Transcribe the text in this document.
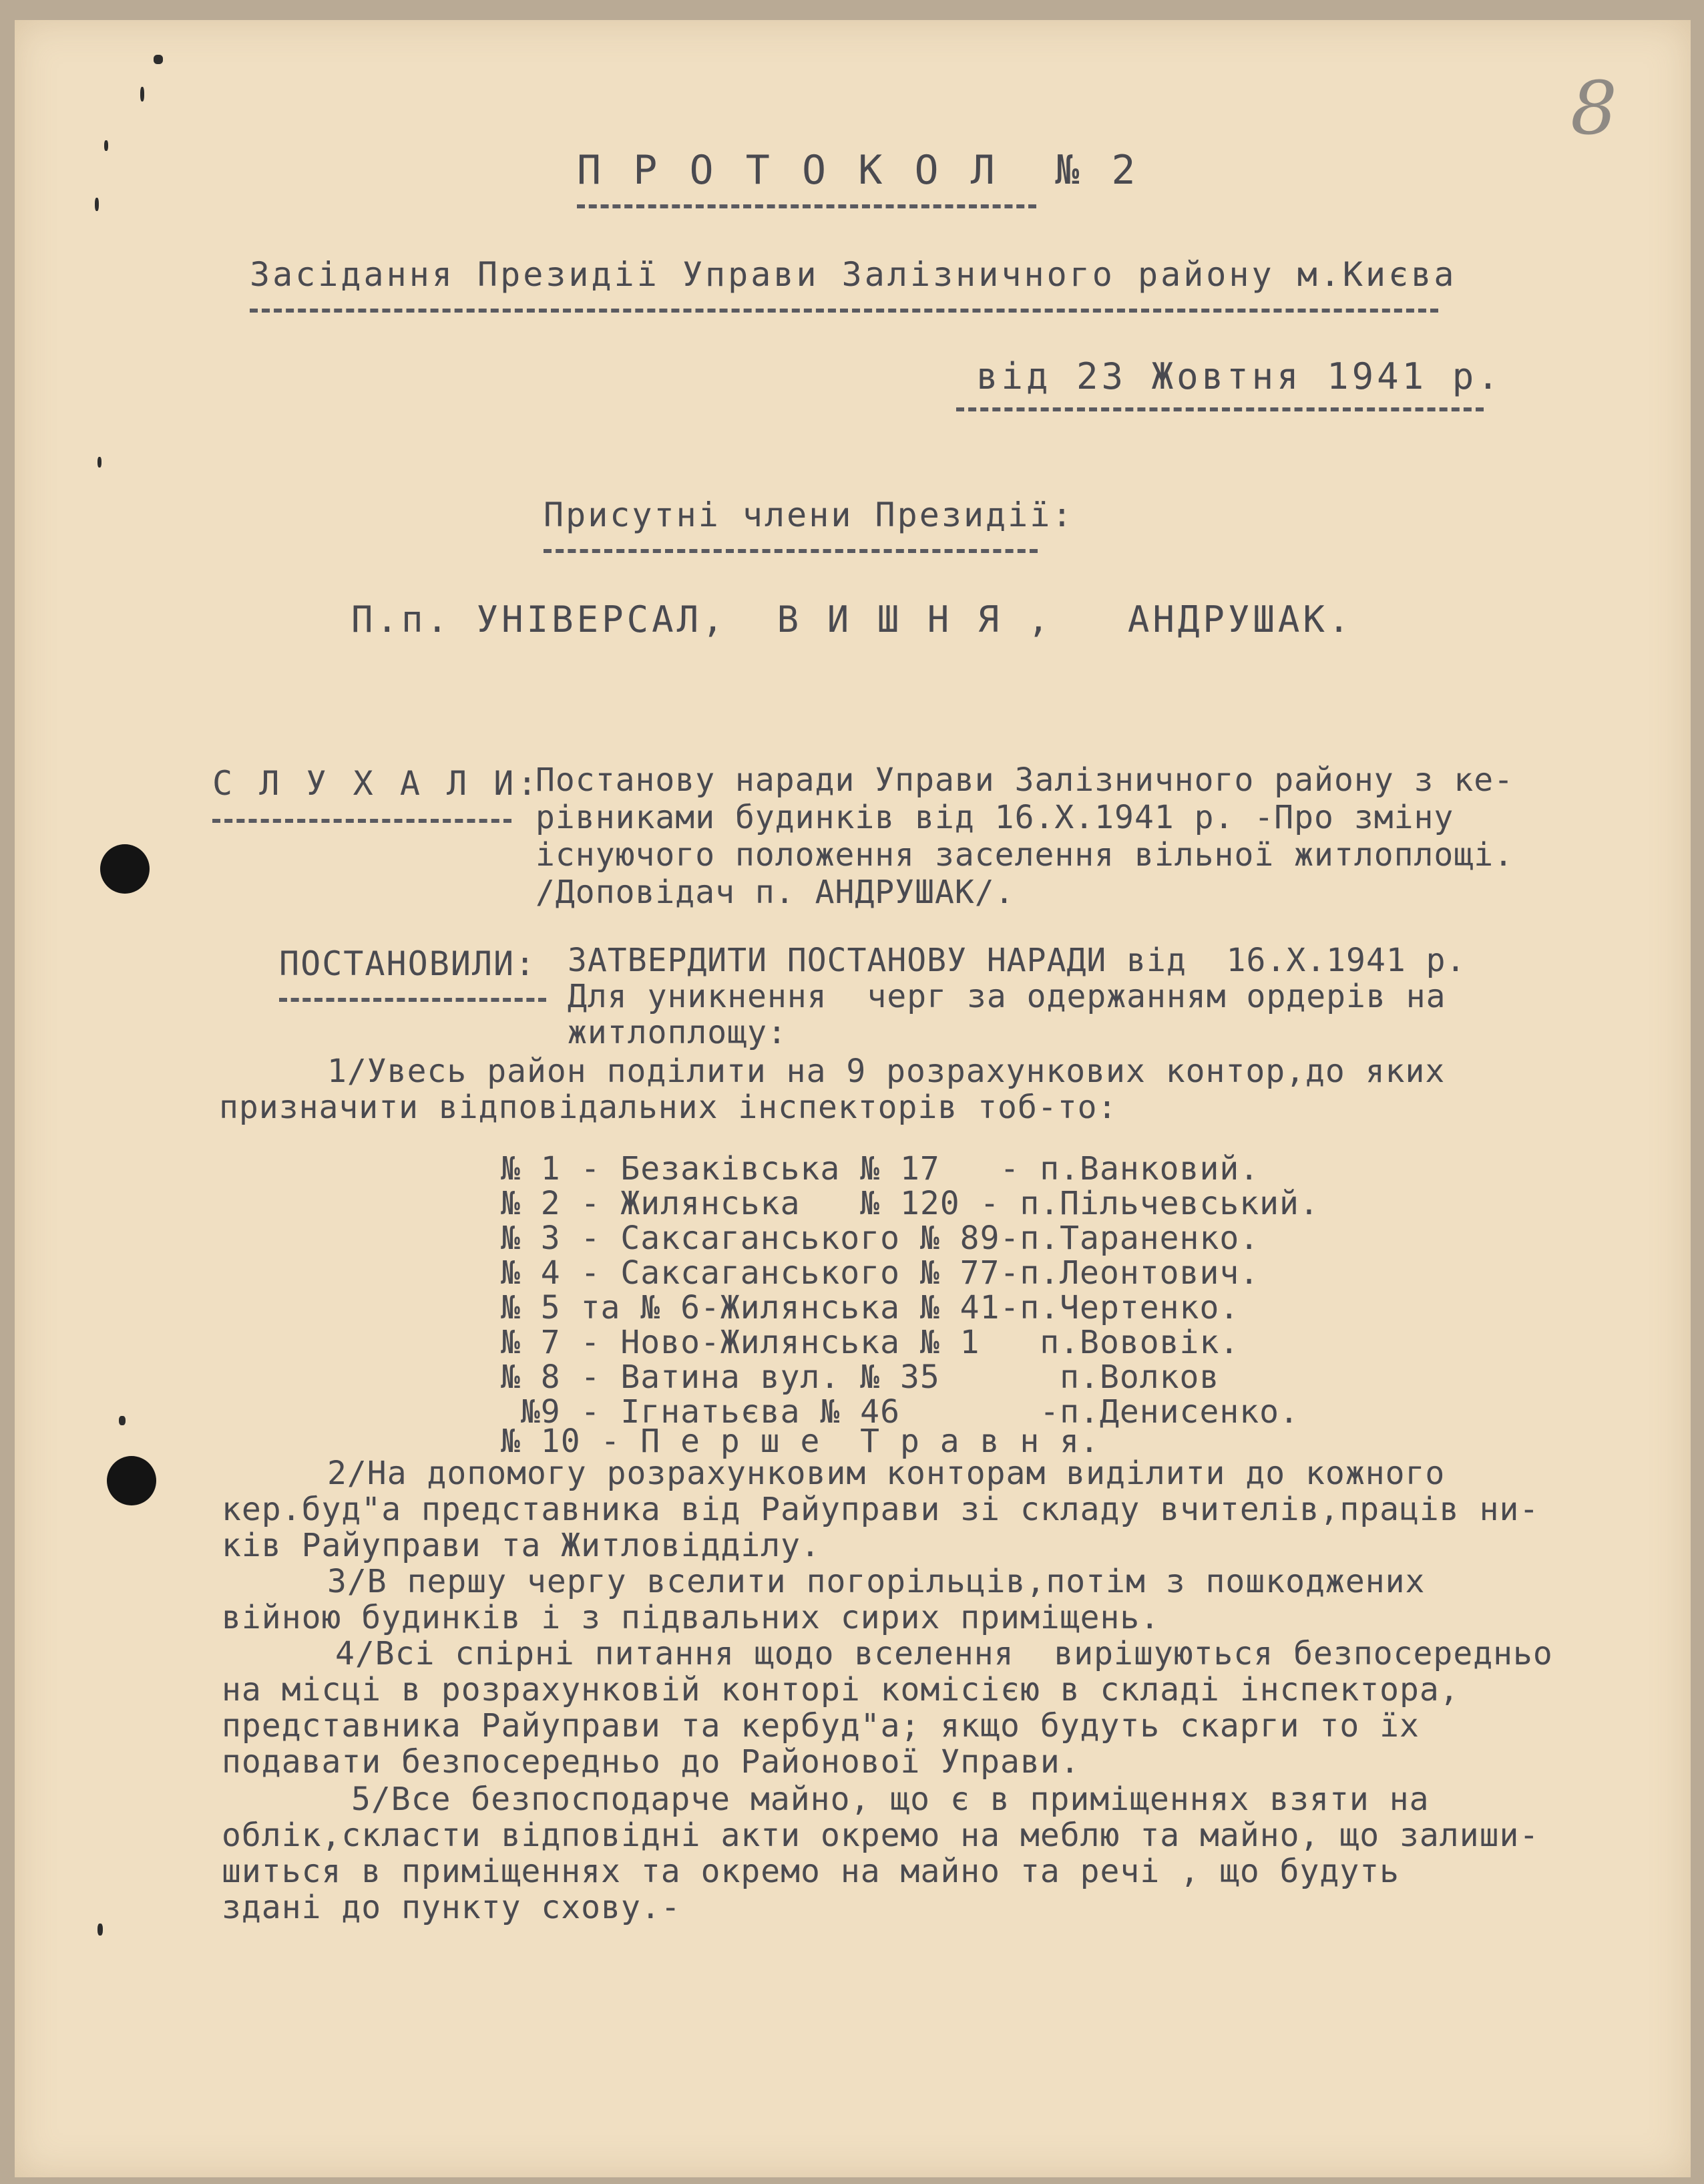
8
П Р О Т О К О Л  № 2
Засідання Президії Управи Залізничного району м.Києва
від 23 Жовтня 1941 р.
Присутні члени Президії:
П.п. УНІВЕРСАЛ,  В И Ш Н Я ,   АНДРУШАК.
С Л У Х А Л И:
Постанову наради Управи Залізничного району з ке-
рівниками будинків від 16.X.1941 р. -Про зміну
існуючого положення заселення вільної житлоплощі.
/Доповідач п. АНДРУШАК/.
ПОСТАНОВИЛИ: ЗАТВЕРДИТИ ПОСТАНОВУ НАРАДИ від  16.X.1941 р.
Для уникнення  черг за одержанням ордерів на
житлоплощу:
1/Увесь район поділити на 9 розрахункових контор,до яких
призначити відповідальних інспекторів тоб-то:
№ 1 - Безаківська № 17   - п.Ванковий.
№ 2 - Жилянська   № 120 - п.Пільчевський.
№ 3 - Саксаганського № 89-п.Тараненко.
№ 4 - Саксаганського № 77-п.Леонтович.
№ 5 та № 6-Жилянська № 41-п.Чертенко.
№ 7 - Ново-Жилянська № 1   п.Вововік.
№ 8 - Ватина вул. № 35      п.Волков
№9 - Ігнатьєва № 46       -п.Денисенко.
№ 10 - П е р ш е  Т р а в н я.
2/На допомогу розрахунковим конторам виділити до кожного
кер.буд"а представника від Райуправи зі складу вчителів,праців ни-
ків Райуправи та Житловідділу.
3/В першу чергу вселити погорільців,потім з пошкоджених
війною будинків і з підвальних сирих приміщень.
4/Всі спірні питання щодо вселення  вирішуються безпосередньо
на місці в розрахунковій конторі комісією в складі інспектора,
представника Райуправи та кербуд"а; якщо будуть скарги то їх
подавати безпосередньо до Районової Управи.
5/Все безпосподарче майно, що є в приміщеннях взяти на
облік,скласти відповідні акти окремо на меблю та майно, що залиши-
шиться в приміщеннях та окремо на майно та речі , що будуть
здані до пункту схову.-
